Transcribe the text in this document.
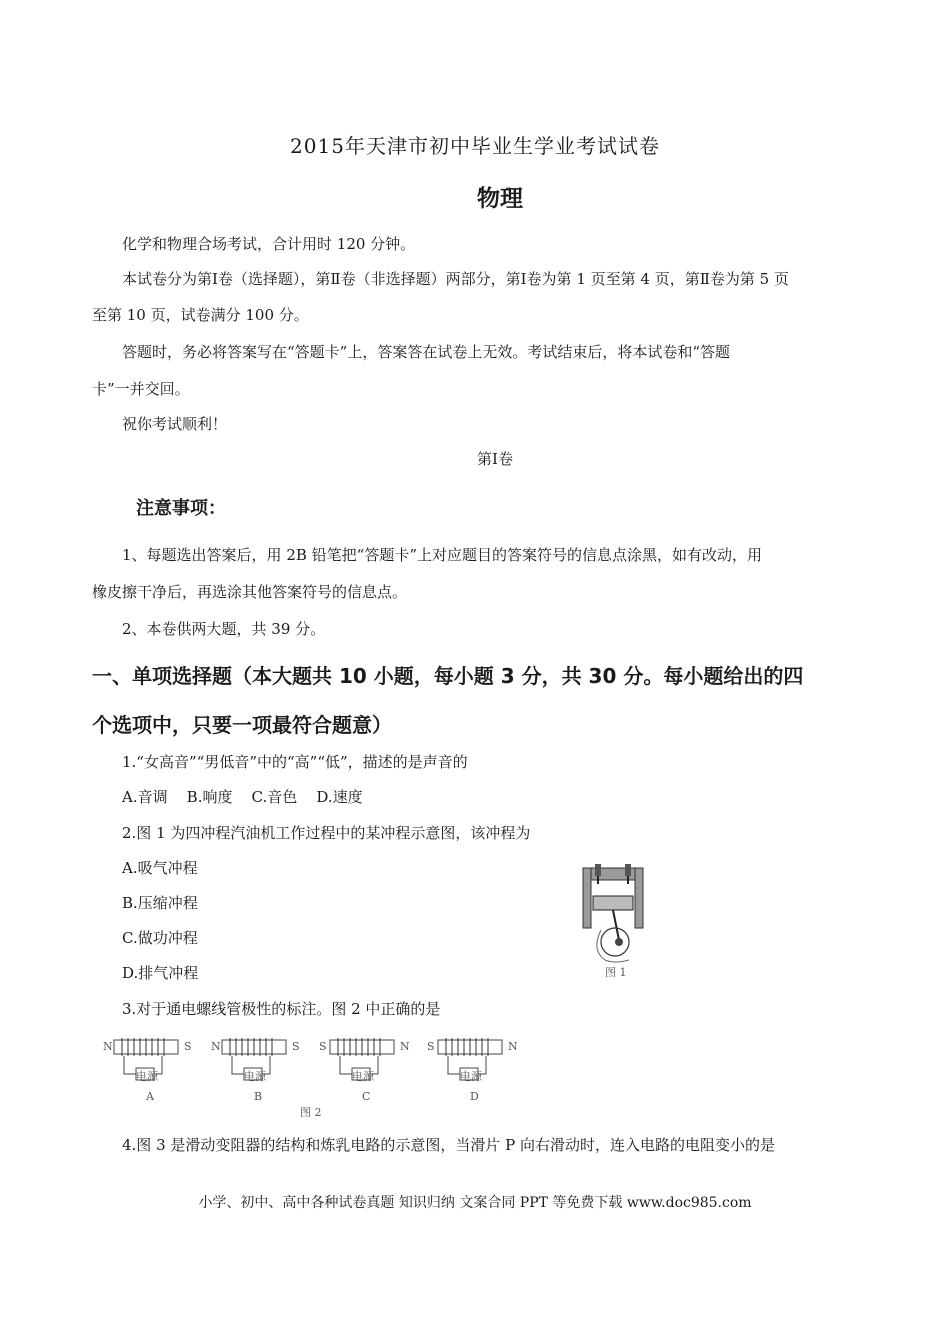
2015年天津市初中毕业生学业考试试卷
物理
化学和物理合场考试，合计用时 120 分钟。
本试卷分为第Ⅰ卷（选择题），第Ⅱ卷（非选择题）两部分，第Ⅰ卷为第 1 页至第 4 页，第Ⅱ卷为第 5 页
至第 10 页，试卷满分 100 分。
答题时，务必将答案写在“答题卡”上，答案答在试卷上无效。考试结束后，将本试卷和“答题
卡”一并交回。
祝你考试顺利！
第Ⅰ卷
注意事项：
1、每题选出答案后，用 2B 铅笔把“答题卡”上对应题目的答案符号的信息点涂黑，如有改动，用
橡皮擦干净后，再选涂其他答案符号的信息点。
2、本卷供两大题，共 39 分。
一、单项选择题（本大题共 10 小题，每小题 3 分，共 30 分。每小题给出的四
个选项中，只要一项最符合题意）
1.“女高音”“男低音”中的“高”“低”，描述的是声音的
A.音调    B.响度    C.音色    D.速度
2.图 1 为四冲程汽油机工作过程中的某冲程示意图，该冲程为
A.吸气冲程
B.压缩冲程
C.做功冲程
D.排气冲程	图 1
3.对于通电螺线管极性的标注。图 2 中正确的是
N	S
电源
A
N	S
电源
B
S	N
电源
C
S	N
电源
D
图 2
4.图 3 是滑动变阻器的结构和炼乳电路的示意图，当滑片 P 向右滑动时，连入电路的电阻变小的是
小学、初中、高中各种试卷真题 知识归纳 文案合同 PPT 等免费下载 www.doc985.com
